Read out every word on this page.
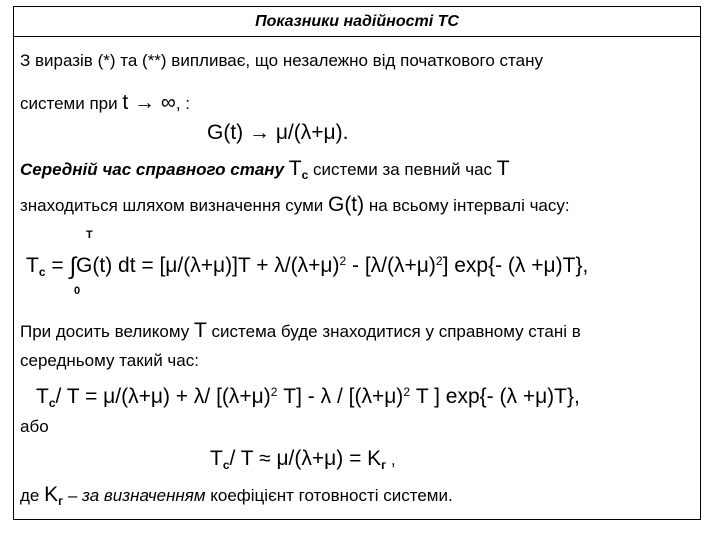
Показники надійності ТС
З виразів (*) та (**) випливає, що незалежно від початкового стану
системи при t → ∞, :
G(t) → μ/(λ+μ).
Середній час справного стану $T_c$ системи за певний час T
знаходиться шляхом визначення суми G(t) на всьому інтервалі часу:
T
Tc = ∫G(t) dt = $[\mu/(\lambda+\mu)]T + \lambda/(\lambda+\mu)^2 - [\lambda/(\lambda+\mu)^2]$ exp{- (λ +μ)T},
0
При досить великому T система буде знаходитися у справному стані в
середньому такий час:
Tc/ T = μ/(λ+μ) + λ/ [$(\lambda+\mu)^2$ $T] - \lambda / [(\lambda+\mu)^2$ T ] exp{- (λ +μ)T},
або
Tc/ T ≈ μ/(λ+μ) = Kг ,
де $K_г$ – за визначенням коефіцієнт готовності системи.
